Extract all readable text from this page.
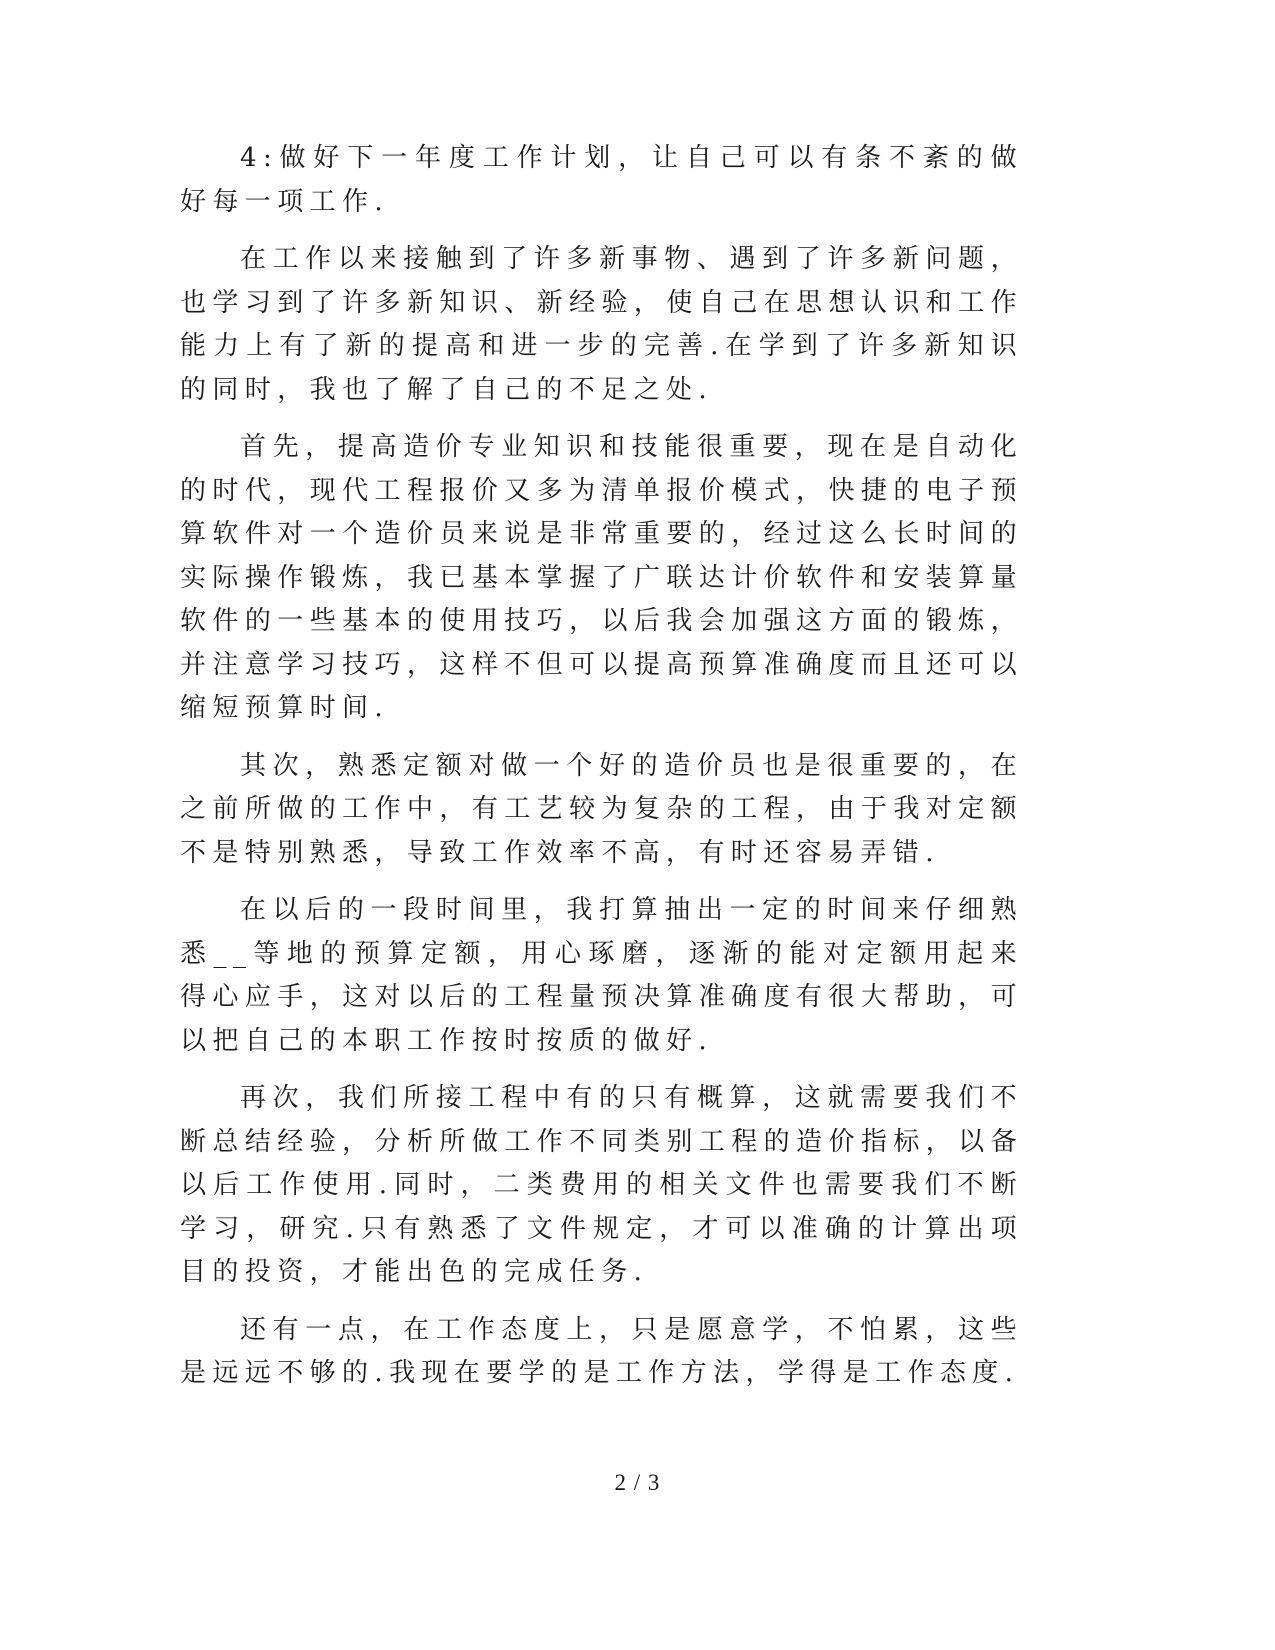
4:做好下一年度工作计划，让自己可以有条不紊的做好每一项工作.

在工作以来接触到了许多新事物、遇到了许多新问题，也学习到了许多新知识、新经验，使自己在思想认识和工作能力上有了新的提高和进一步的完善.在学到了许多新知识的同时，我也了解了自己的不足之处.

首先，提高造价专业知识和技能很重要，现在是自动化的时代，现代工程报价又多为清单报价模式，快捷的电子预算软件对一个造价员来说是非常重要的，经过这么长时间的实际操作锻炼，我已基本掌握了广联达计价软件和安装算量软件的一些基本的使用技巧，以后我会加强这方面的锻炼，并注意学习技巧，这样不但可以提高预算准确度而且还可以缩短预算时间.

其次，熟悉定额对做一个好的造价员也是很重要的，在之前所做的工作中，有工艺较为复杂的工程，由于我对定额不是特别熟悉，导致工作效率不高，有时还容易弄错.

在以后的一段时间里，我打算抽出一定的时间来仔细熟悉__等地的预算定额，用心琢磨，逐渐的能对定额用起来得心应手，这对以后的工程量预决算准确度有很大帮助，可以把自己的本职工作按时按质的做好.

再次，我们所接工程中有的只有概算，这就需要我们不断总结经验，分析所做工作不同类别工程的造价指标，以备以后工作使用.同时，二类费用的相关文件也需要我们不断学习，研究.只有熟悉了文件规定，才可以准确的计算出项目的投资，才能出色的完成任务.

还有一点，在工作态度上，只是愿意学，不怕累，这些是远远不够的.我现在要学的是工作方法，学得是工作态度.

2 / 3
